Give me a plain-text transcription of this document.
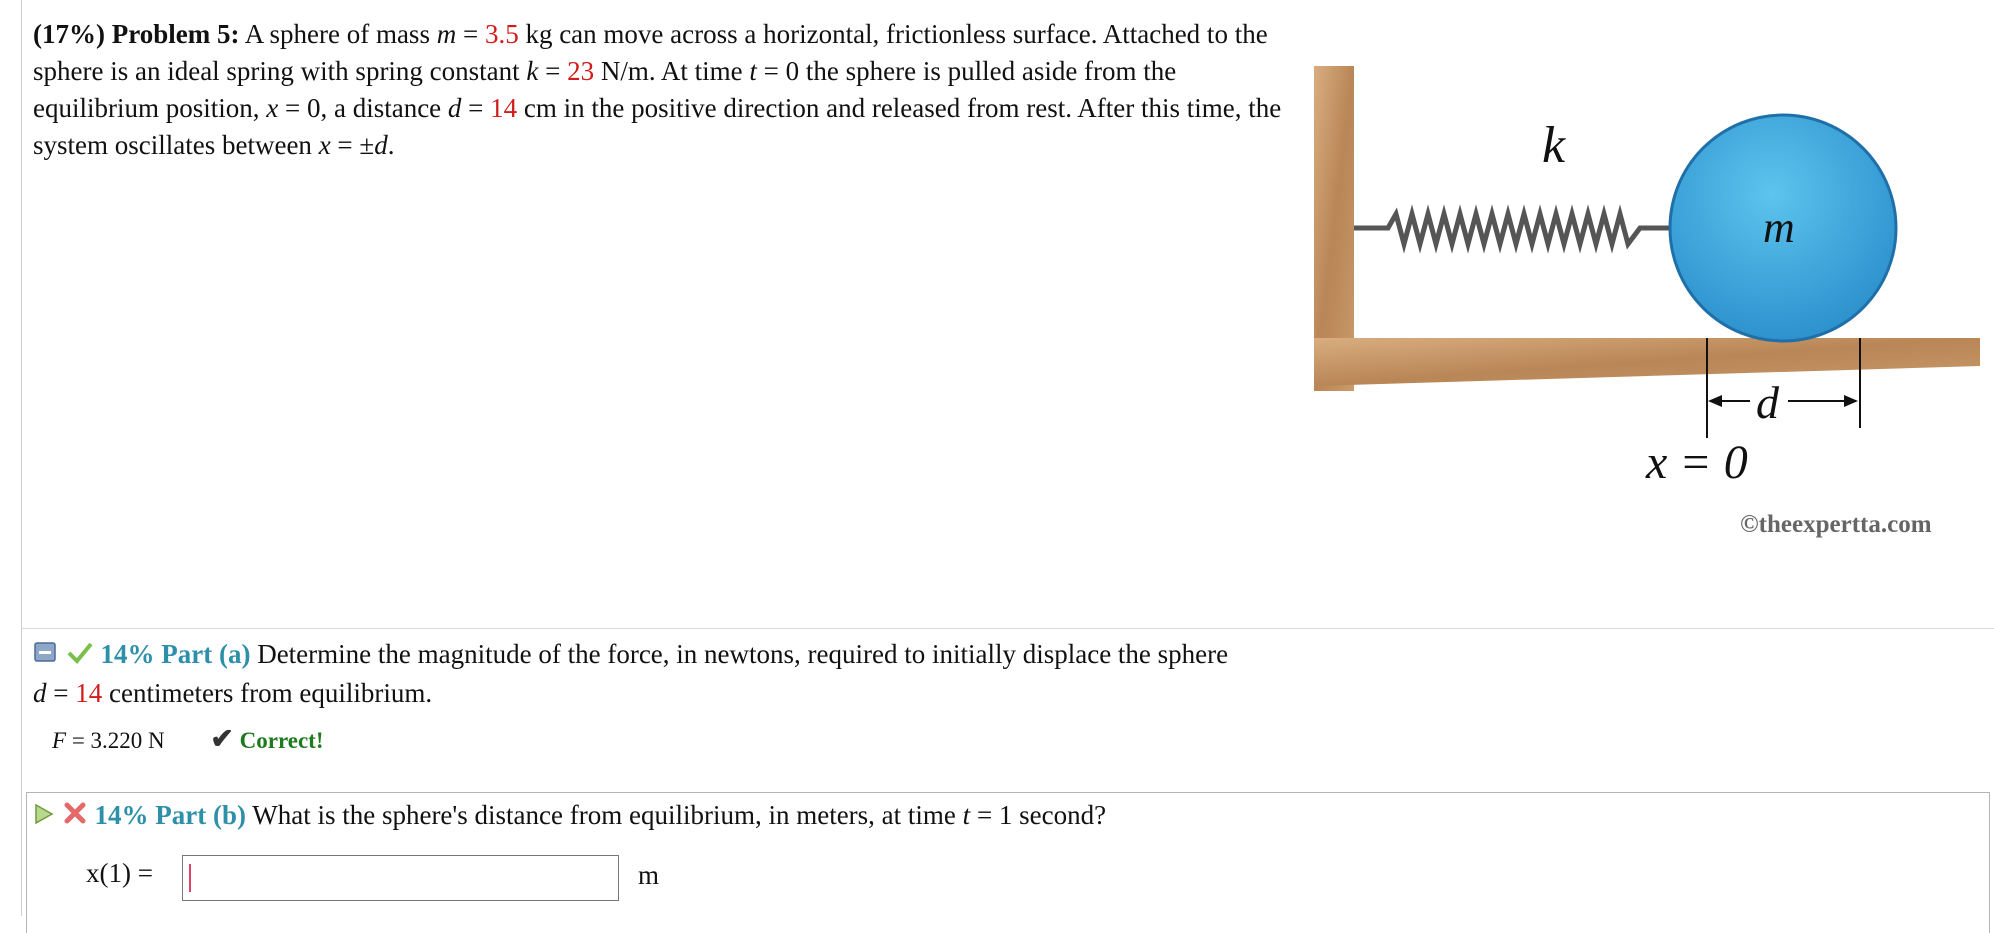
(17%) Problem 5: A sphere of mass m = 3.5 kg can move across a horizontal, frictionless surface. Attached to the sphere is an ideal spring with spring constant k = 23 N/m. At time t = 0 the sphere is pulled aside from the equilibrium position, x = 0, a distance d = 14 cm in the positive direction and released from rest. After this time, the system oscillates between x = ±d.	k
m
d
x = 0
©theexpertta.com
14% Part (a) Determine the magnitude of the force, in newtons, required to initially displace the sphere
d = 14 centimeters from equilibrium.
F = 3.220 N ✔ Correct!
14% Part (b) What is the sphere's distance from equilibrium, in meters, at time t = 1 second?
x(1) =	m
